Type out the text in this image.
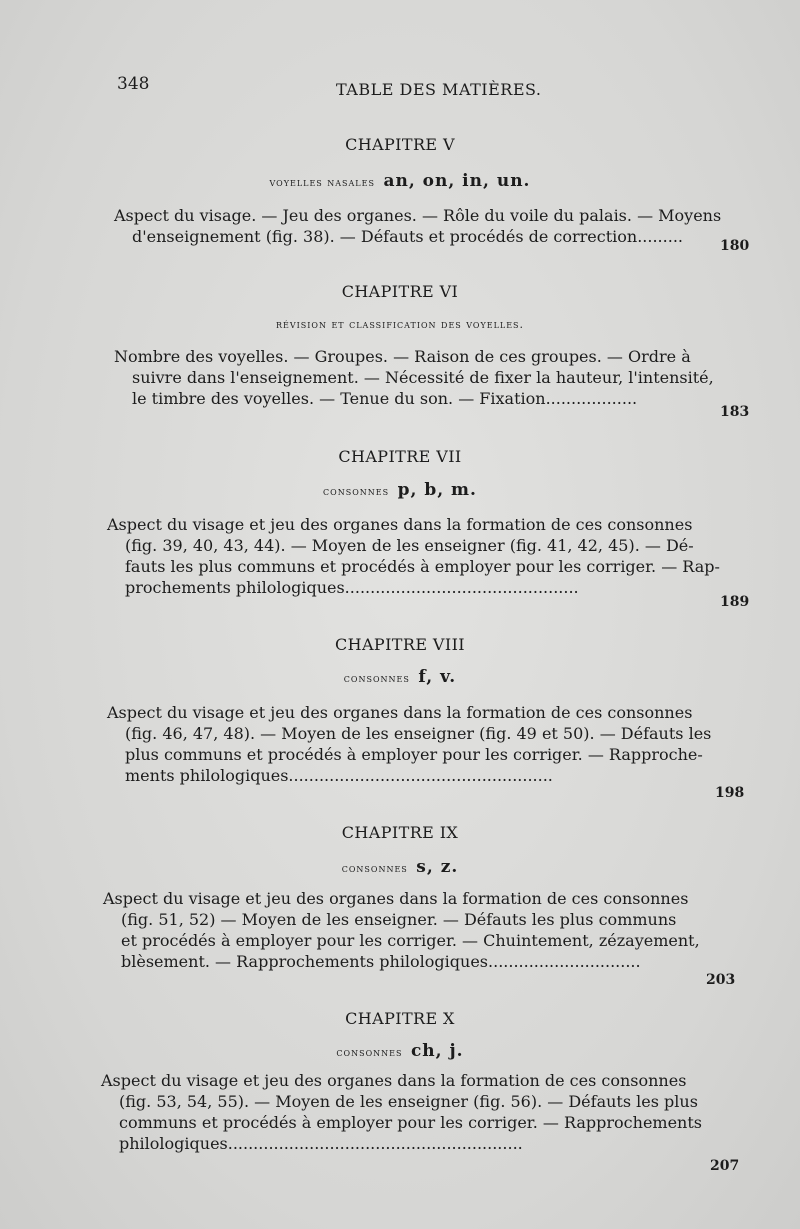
348	TABLE DES MATIÈRES.
CHAPITRE V
voyelles nasales an, on, in, un.
Aspect du visage. — Jeu des organes. — Rôle du voile du palais. — Moyens
d'enseignement (fig. 38). — Défauts et procédés de correction.........	180
CHAPITRE VI
révision et classification des voyelles.
Nombre des voyelles. — Groupes. — Raison de ces groupes. — Ordre à
suivre dans l'enseignement. — Nécessité de fixer la hauteur, l'intensité,
le timbre des voyelles. — Tenue du son. — Fixation..................
183
CHAPITRE VII
consonnes p, b, m.
Aspect du visage et jeu des organes dans la formation de ces consonnes
(fig. 39, 40, 43, 44). — Moyen de les enseigner (fig. 41, 42, 45). — Dé-
fauts les plus communs et procédés à employer pour les corriger. — Rap-
prochements philologiques..............................................
189
CHAPITRE VIII
consonnes f, v.
Aspect du visage et jeu des organes dans la formation de ces consonnes
(fig. 46, 47, 48). — Moyen de les enseigner (fig. 49 et 50). — Défauts les
plus communs et procédés à employer pour les corriger. — Rapproche-
ments philologiques....................................................
198
CHAPITRE IX
consonnes s, z.
Aspect du visage et jeu des organes dans la formation de ces consonnes
(fig. 51, 52) — Moyen de les enseigner. — Défauts les plus communs
et procédés à employer pour les corriger. — Chuintement, zézayement,
blèsement. — Rapprochements philologiques..............................
203
CHAPITRE X
consonnes ch, j.
Aspect du visage et jeu des organes dans la formation de ces consonnes
(fig. 53, 54, 55). — Moyen de les enseigner (fig. 56). — Défauts les plus
communs et procédés à employer pour les corriger. — Rapprochements
philologiques..........................................................
207
